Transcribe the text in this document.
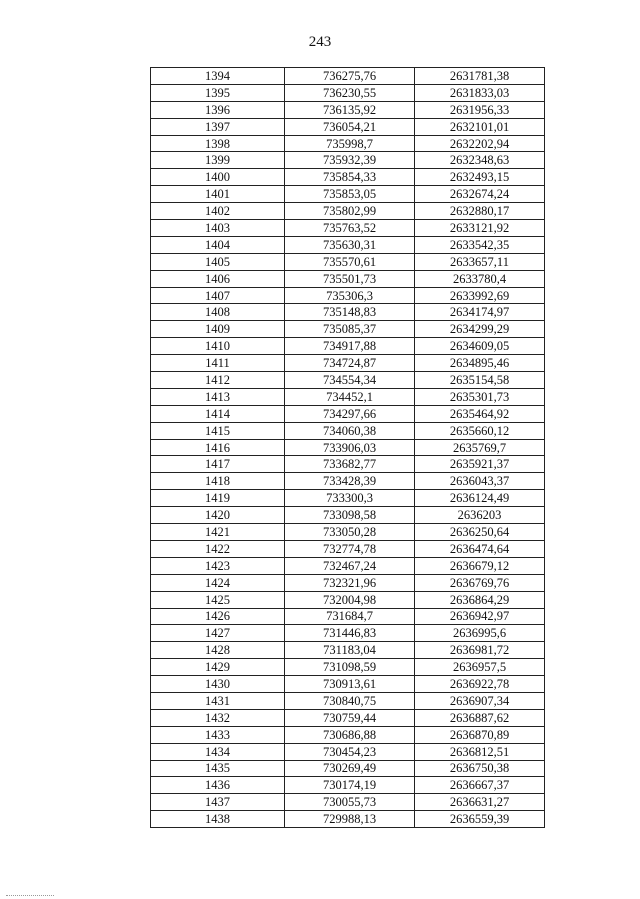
243
1394	736275,76	2631781,38
1395	736230,55	2631833,03
1396	736135,92	2631956,33
1397	736054,21	2632101,01
1398	735998,7	2632202,94
1399	735932,39	2632348,63
1400	735854,33	2632493,15
1401	735853,05	2632674,24
1402	735802,99	2632880,17
1403	735763,52	2633121,92
1404	735630,31	2633542,35
1405	735570,61	2633657,11
1406	735501,73	2633780,4
1407	735306,3	2633992,69
1408	735148,83	2634174,97
1409	735085,37	2634299,29
1410	734917,88	2634609,05
1411	734724,87	2634895,46
1412	734554,34	2635154,58
1413	734452,1	2635301,73
1414	734297,66	2635464,92
1415	734060,38	2635660,12
1416	733906,03	2635769,7
1417	733682,77	2635921,37
1418	733428,39	2636043,37
1419	733300,3	2636124,49
1420	733098,58	2636203
1421	733050,28	2636250,64
1422	732774,78	2636474,64
1423	732467,24	2636679,12
1424	732321,96	2636769,76
1425	732004,98	2636864,29
1426	731684,7	2636942,97
1427	731446,83	2636995,6
1428	731183,04	2636981,72
1429	731098,59	2636957,5
1430	730913,61	2636922,78
1431	730840,75	2636907,34
1432	730759,44	2636887,62
1433	730686,88	2636870,89
1434	730454,23	2636812,51
1435	730269,49	2636750,38
1436	730174,19	2636667,37
1437	730055,73	2636631,27
1438	729988,13	2636559,39
